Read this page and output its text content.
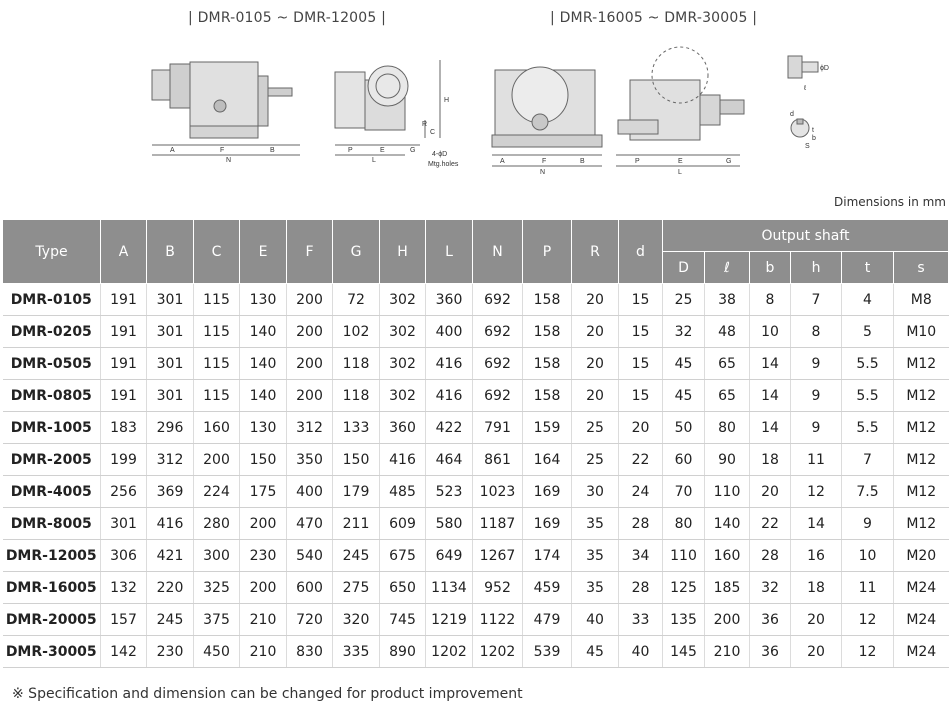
| DMR-0105 ~ DMR-12005 |	| DMR-16005 ~ DMR-30005 |
A	F	B
N
P	E	G
L
H
C
R
4-ϕD
Mtg.holes	A	F	B
N
P	E	G
L
ϕD
t
b
S
ℓ
d
Dimensions in mm
Type	A	B	C	E	F	G	H	L	N	P	R	d	Output shaft					
													D	ℓ	b	h	t	s
DMR-0105	191	301	115	130	200	72	302	360	692	158	20	15	25	38	8	7	4	M8
DMR-0205	191	301	115	140	200	102	302	400	692	158	20	15	32	48	10	8	5	M10
DMR-0505	191	301	115	140	200	118	302	416	692	158	20	15	45	65	14	9	5.5	M12
DMR-0805	191	301	115	140	200	118	302	416	692	158	20	15	45	65	14	9	5.5	M12
DMR-1005	183	296	160	130	312	133	360	422	791	159	25	20	50	80	14	9	5.5	M12
DMR-2005	199	312	200	150	350	150	416	464	861	164	25	22	60	90	18	11	7	M12
DMR-4005	256	369	224	175	400	179	485	523	1023	169	30	24	70	110	20	12	7.5	M12
DMR-8005	301	416	280	200	470	211	609	580	1187	169	35	28	80	140	22	14	9	M12
DMR-12005	306	421	300	230	540	245	675	649	1267	174	35	34	110	160	28	16	10	M20
DMR-16005	132	220	325	200	600	275	650	1134	952	459	35	28	125	185	32	18	11	M24
DMR-20005	157	245	375	210	720	320	745	1219	1122	479	40	33	135	200	36	20	12	M24
DMR-30005	142	230	450	210	830	335	890	1202	1202	539	45	40	145	210	36	20	12	M24
※ Specification and dimension can be changed for product improvement
